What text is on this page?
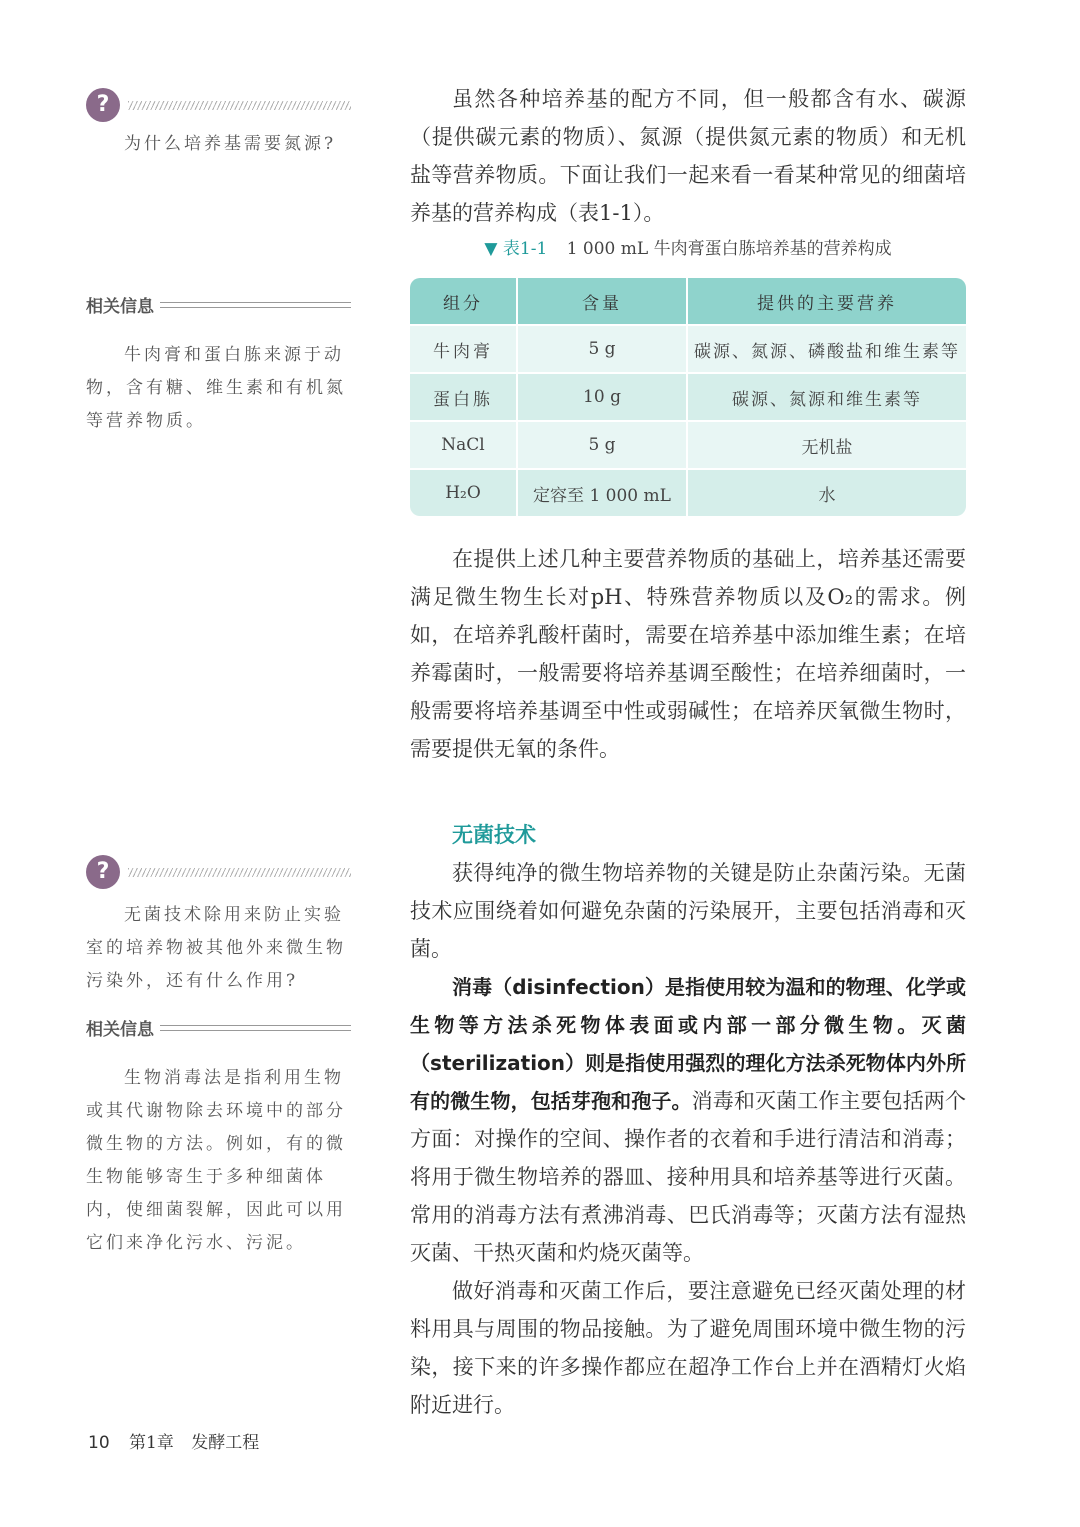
?

为什么培养基需要氮源?

相关信息

牛肉膏和蛋白胨来源于动物，含有糖、维生素和有机氮等营养物质。

?

无菌技术除用来防止实验室的培养物被其他外来微生物污染外，还有什么作用?

相关信息

生物消毒法是指利用生物或其代谢物除去环境中的部分微生物的方法。例如，有的微生物能够寄生于多种细菌体内，使细菌裂解，因此可以用它们来净化污水、污泥。

虽然各种培养基的配方不同，但一般都含有水、碳源（提供碳元素的物质）、氮源（提供氮元素的物质）和无机盐等营养物质。下面让我们一起来看一看某种常见的细菌培养基的营养构成（表1-1）。

▼ 表1-1 1 000 mL 牛肉膏蛋白胨培养基的营养构成
组分	含量	提供的主要营养
牛肉膏	5 g	碳源、氮源、磷酸盐和维生素等
蛋白胨	10 g	碳源、氮源和维生素等
NaCl	5 g	无机盐
H₂O	定容至 1 000 mL	水

在提供上述几种主要营养物质的基础上，培养基还需要满足微生物生长对pH、特殊营养物质以及O₂的需求。例如，在培养乳酸杆菌时，需要在培养基中添加维生素；在培养霉菌时，一般需要将培养基调至酸性；在培养细菌时，一般需要将培养基调至中性或弱碱性；在培养厌氧微生物时，需要提供无氧的条件。

无菌技术

获得纯净的微生物培养物的关键是防止杂菌污染。无菌技术应围绕着如何避免杂菌的污染展开，主要包括消毒和灭菌。

消毒（disinfection）是指使用较为温和的物理、化学或生物等方法杀死物体表面或内部一部分微生物。灭菌（sterilization）则是指使用强烈的理化方法杀死物体内外所有的微生物，包括芽孢和孢子。消毒和灭菌工作主要包括两个方面：对操作的空间、操作者的衣着和手进行清洁和消毒；将用于微生物培养的器皿、接种用具和培养基等进行灭菌。常用的消毒方法有煮沸消毒、巴氏消毒等；灭菌方法有湿热灭菌、干热灭菌和灼烧灭菌等。

做好消毒和灭菌工作后，要注意避免已经灭菌处理的材料用具与周围的物品接触。为了避免周围环境中微生物的污染，接下来的许多操作都应在超净工作台上并在酒精灯火焰附近进行。

10 第1章 发酵工程
